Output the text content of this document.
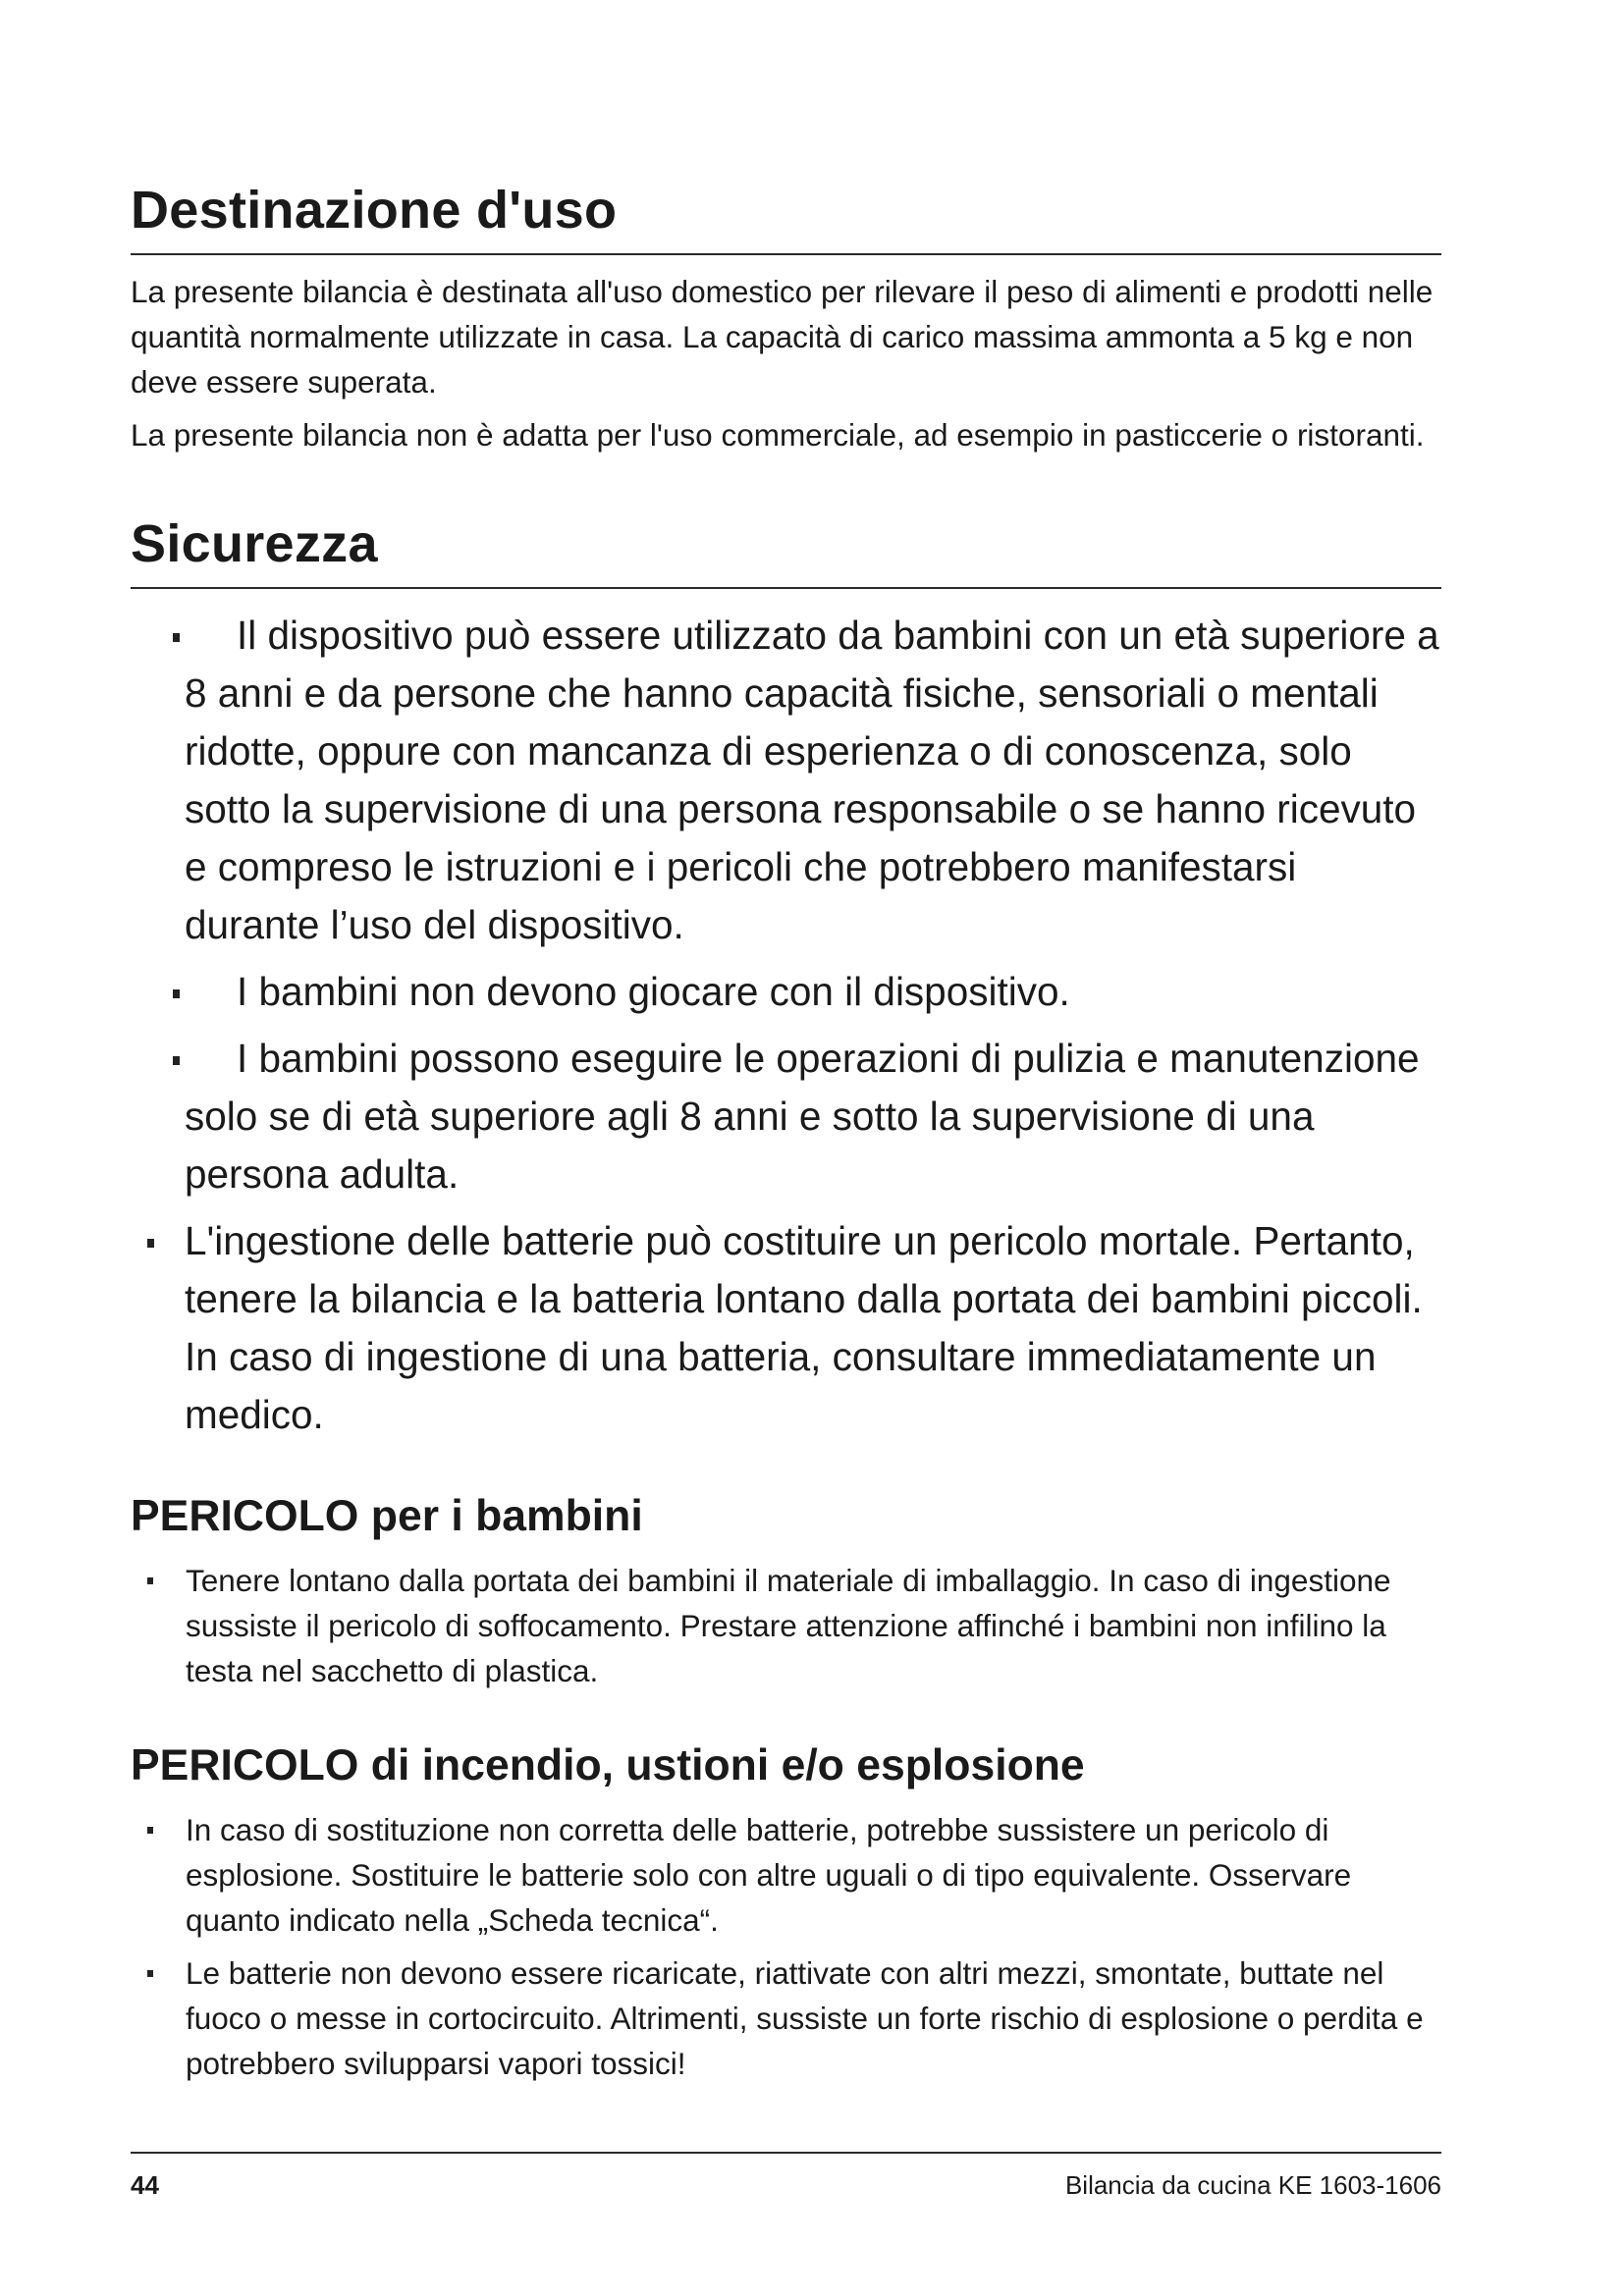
Destinazione d'uso

La presente bilancia è destinata all'uso domestico per rilevare il peso di alimenti e prodotti nelle quantità normalmente utilizzate in casa. La capacità di carico massima ammonta a 5 kg e non deve essere superata.

La presente bilancia non è adatta per l'uso commerciale, ad esempio in pasticcerie o ristoranti.

Sicurezza
Il dispositivo può essere utilizzato da bambini con un età superiore a 8 anni e da persone che hanno capacità fisiche, sensoriali o mentali ridotte, oppure con mancanza di esperienza o di conoscenza, solo sotto la supervisione di una persona responsabile o se hanno ricevuto e compreso le istruzioni e i pericoli che potrebbero manifestarsi durante l’uso del dispositivo.
I bambini non devono giocare con il dispositivo.
I bambini possono eseguire le operazioni di pulizia e manutenzione solo se di età superiore agli 8 anni e sotto la supervisione di una persona adulta.
L'ingestione delle batterie può costituire un pericolo mortale. Pertanto, tenere la bilancia e la batteria lontano dalla portata dei bambini piccoli. In caso di ingestione di una batteria, consultare immediatamente un medico.
PERICOLO per i bambini
Tenere lontano dalla portata dei bambini il materiale di imballaggio. In caso di ingestione sussiste il pericolo di soffocamento. Prestare attenzione affinché i bambini non infilino la testa nel sacchetto di plastica.
PERICOLO di incendio, ustioni e/o esplosione
In caso di sostituzione non corretta delle batterie, potrebbe sussistere un pericolo di esplosione. Sostituire le batterie solo con altre uguali o di tipo equivalente. Osservare quanto indicato nella „Scheda tecnica“.
Le batterie non devono essere ricaricate, riattivate con altri mezzi, smontate, buttate nel fuoco o messe in cortocircuito. Altrimenti, sussiste un forte rischio di esplosione o perdita e potrebbero svilupparsi vapori tossici!
44	Bilancia da cucina KE 1603-1606
